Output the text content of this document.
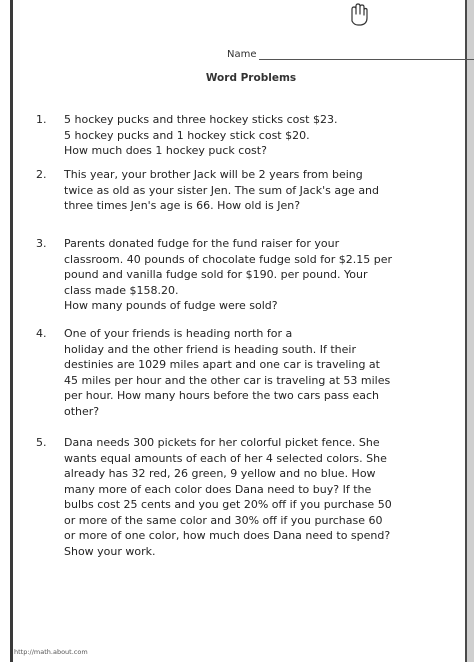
Name
Word Problems
1. 5 hockey pucks and three hockey sticks cost $23.
5 hockey pucks and 1 hockey stick cost $20.
How much does 1 hockey puck cost?
2. This year, your brother Jack will be 2 years from being
twice as old as your sister Jen. The sum of Jack's age and
three times Jen's age is 66. How old is Jen?
3. Parents donated fudge for the fund raiser for your
classroom. 40 pounds of chocolate fudge sold for $2.15 per
pound and vanilla fudge sold for $190. per pound. Your
class made $158.20.
How many pounds of fudge were sold?
4. One of your friends is heading north for a
holiday and the other friend is heading south. If their
destinies are 1029 miles apart and one car is traveling at
45 miles per hour and the other car is traveling at 53 miles
per hour. How many hours before the two cars pass each
other?
5. Dana needs 300 pickets for her colorful picket fence. She
wants equal amounts of each of her 4 selected colors. She
already has 32 red, 26 green, 9 yellow and no blue. How
many more of each color does Dana need to buy? If the
bulbs cost 25 cents and you get 20% off if you purchase 50
or more of the same color and 30% off if you purchase 60
or more of one color, how much does Dana need to spend?
Show your work.
http://math.about.com
